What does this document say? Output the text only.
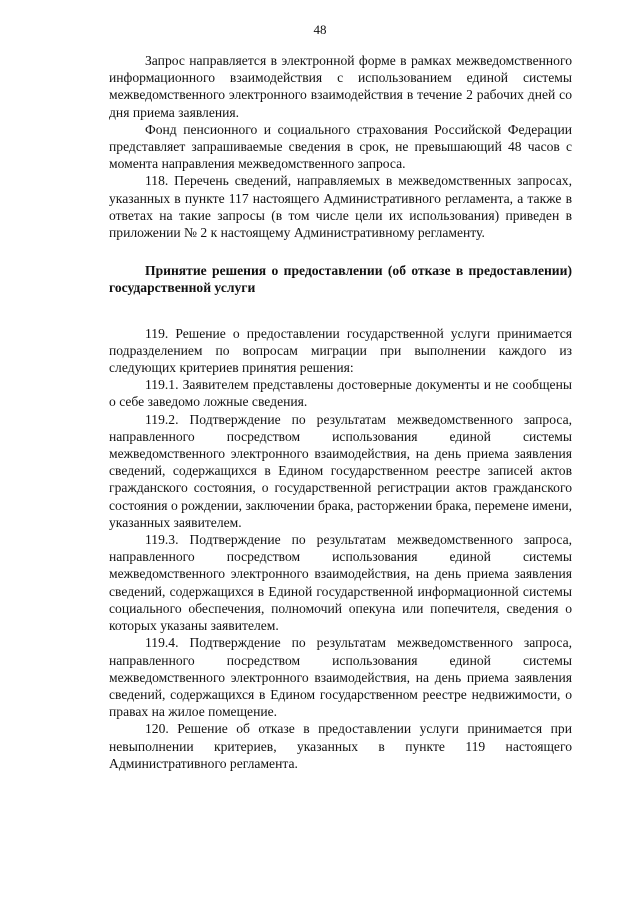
48

Запрос направляется в электронной форме в рамках межведомственного информационного взаимодействия с использованием единой системы межведомственного электронного взаимодействия в течение 2 рабочих дней со дня приема заявления.

Фонд пенсионного и социального страхования Российской Федерации представляет запрашиваемые сведения в срок, не превышающий 48 часов с момента направления межведомственного запроса.

118. Перечень сведений, направляемых в межведомственных запросах, указанных в пункте 117 настоящего Административного регламента, а также в ответах на такие запросы (в том числе цели их использования) приведен в приложении № 2 к настоящему Административному регламенту.

Принятие решения о предоставлении (об отказе в предоставлении) государственной услуги

119. Решение о предоставлении государственной услуги принимается подразделением по вопросам миграции при выполнении каждого из следующих критериев принятия решения:

119.1. Заявителем представлены достоверные документы и не сообщены о себе заведомо ложные сведения.

119.2. Подтверждение по результатам межведомственного запроса, направленного посредством использования единой системы межведомственного электронного взаимодействия, на день приема заявления сведений, содержащихся в Едином государственном реестре записей актов гражданского состояния, о государственной регистрации актов гражданского состояния о рождении, заключении брака, расторжении брака, перемене имени, указанных заявителем.

119.3. Подтверждение по результатам межведомственного запроса, направленного посредством использования единой системы межведомственного электронного взаимодействия, на день приема заявления сведений, содержащихся в Единой государственной информационной системы социального обеспечения, полномочий опекуна или попечителя, сведения о которых указаны заявителем.

119.4. Подтверждение по результатам межведомственного запроса, направленного посредством использования единой системы межведомственного электронного взаимодействия, на день приема заявления сведений, содержащихся в Едином государственном реестре недвижимости, о правах на жилое помещение.

120. Решение об отказе в предоставлении услуги принимается при невыполнении критериев, указанных в пункте 119 настоящего Административного регламента.
